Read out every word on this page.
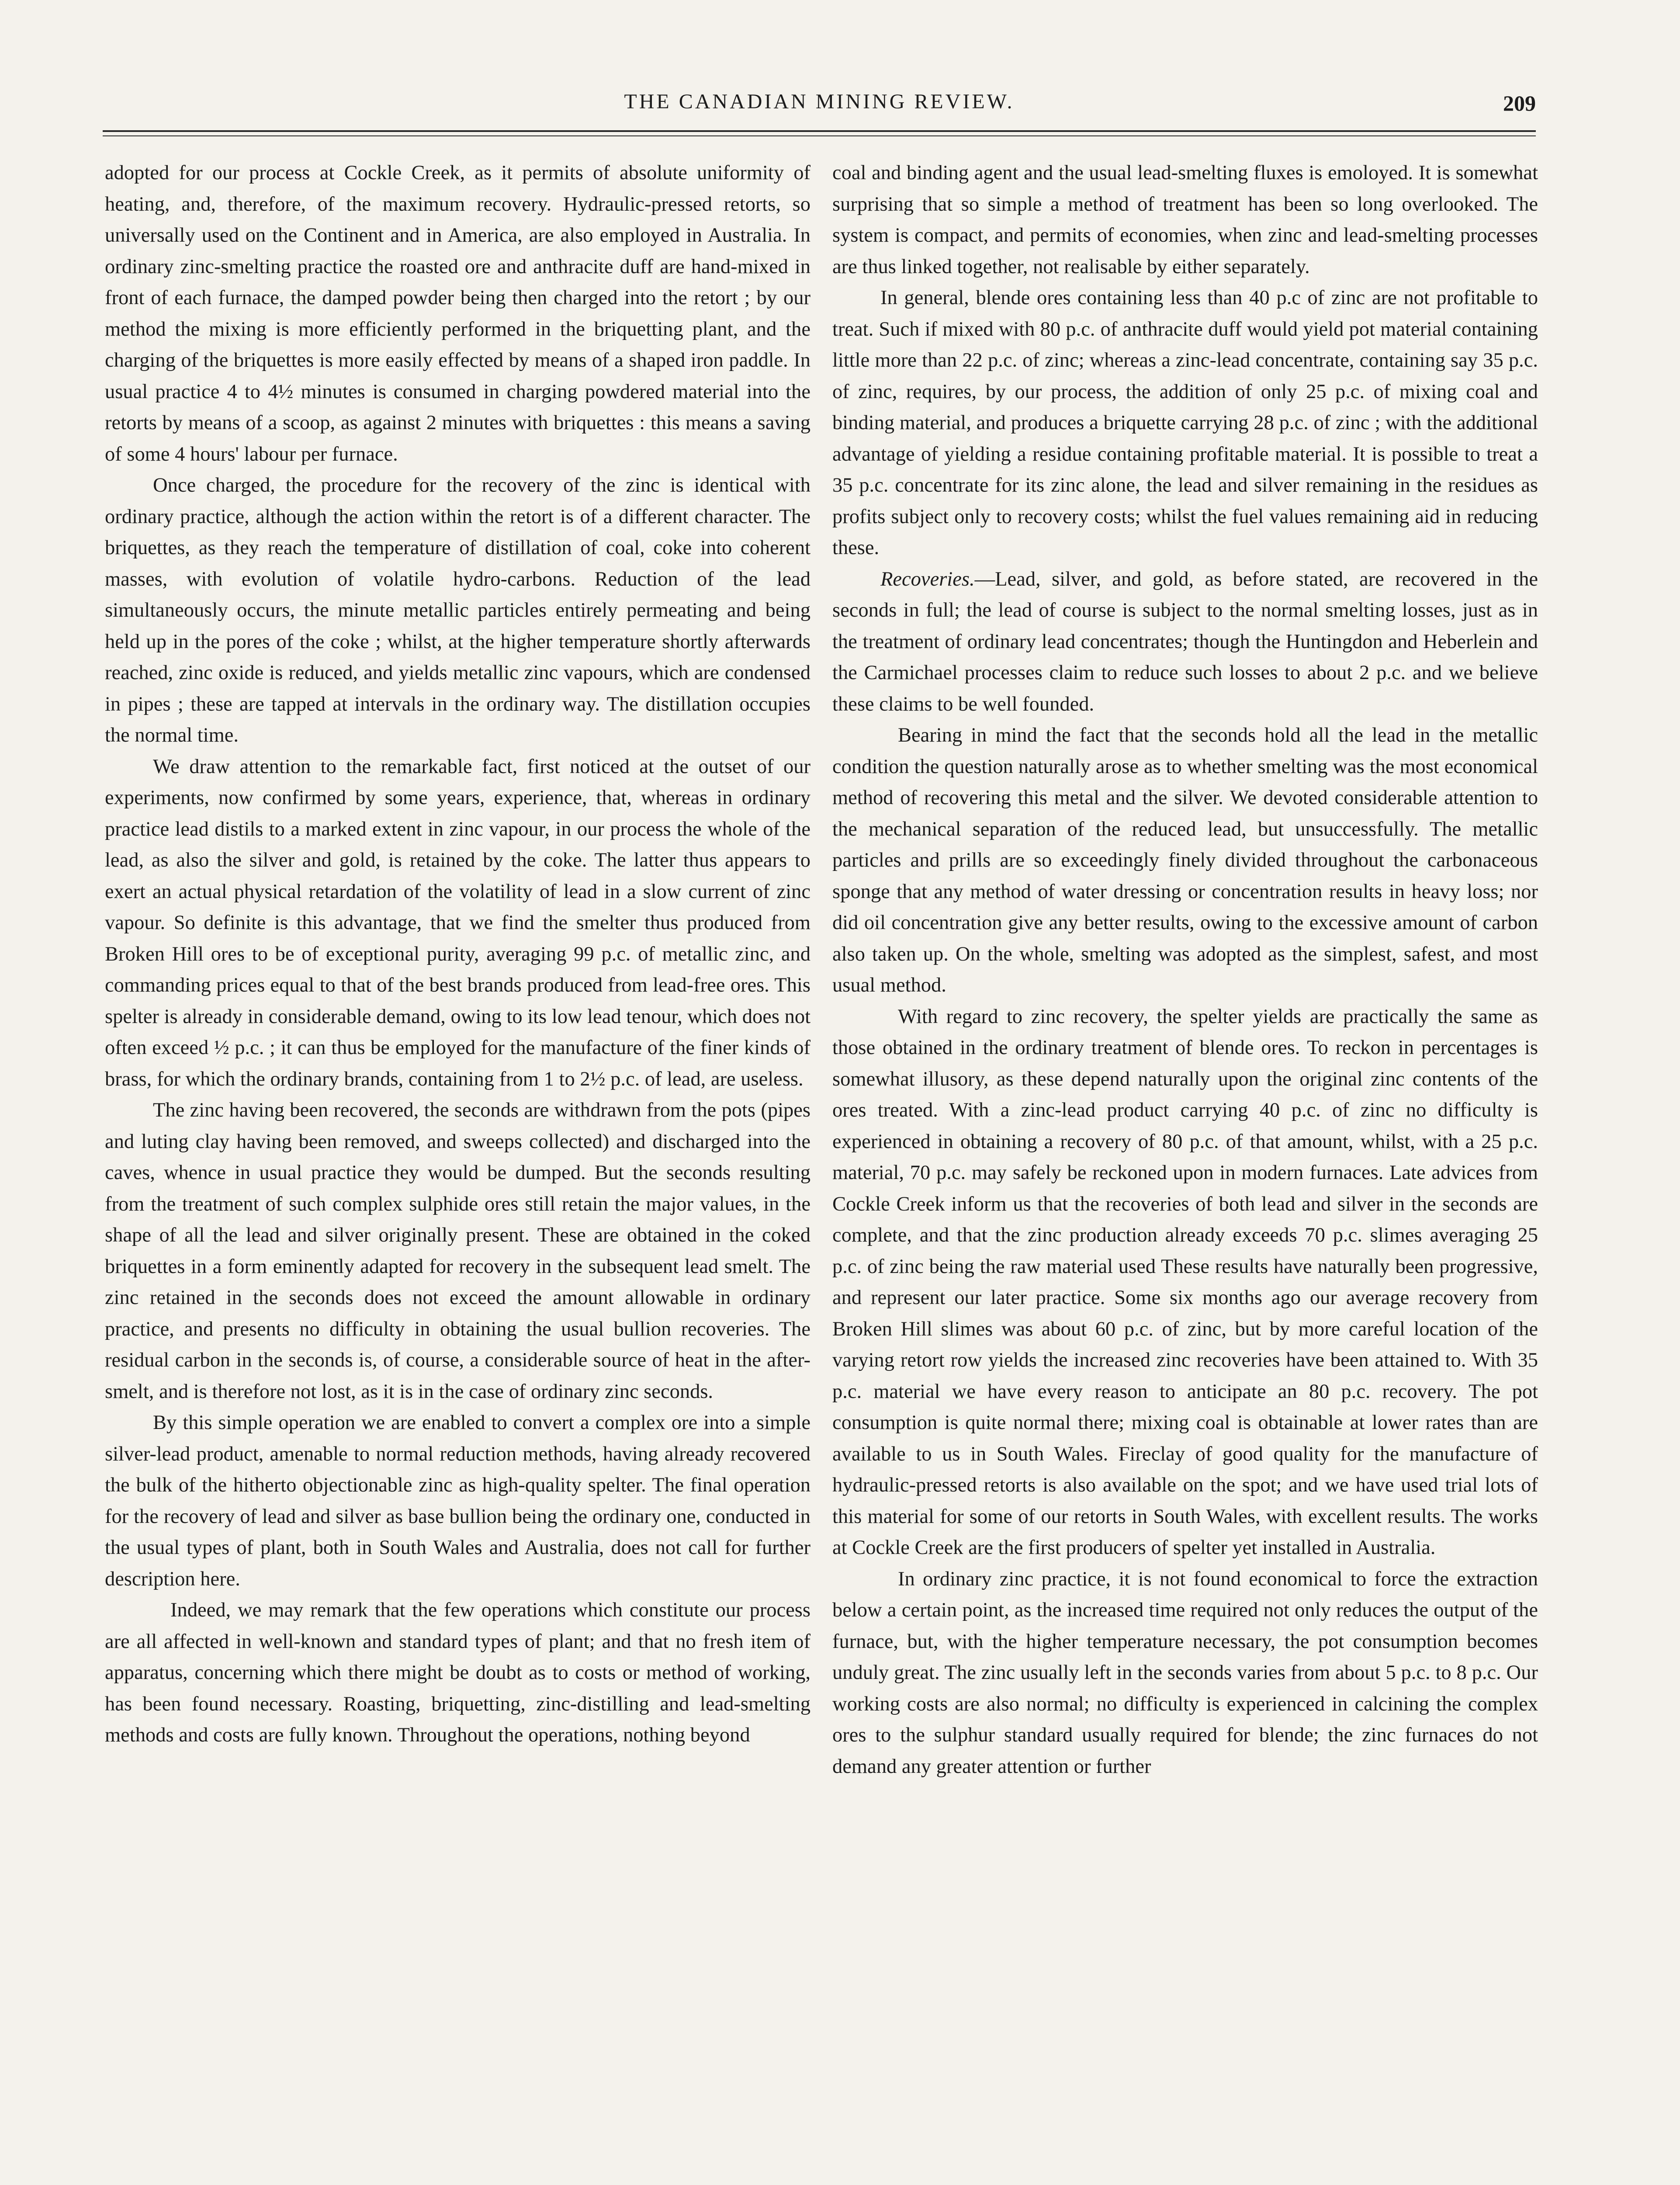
THE CANADIAN MINING REVIEW.	209

adopted for our process at Cockle Creek, as it permits of absolute uniformity of heating, and, therefore, of the maximum recovery. Hydraulic-pressed retorts, so universally used on the Continent and in America, are also employed in Australia. In ordinary zinc-smelting practice the roasted ore and anthracite duff are hand-mixed in front of each furnace, the damped powder being then charged into the retort ; by our method the mixing is more efficiently performed in the briquetting plant, and the charging of the briquettes is more easily effected by means of a shaped iron paddle. In usual practice 4 to 4½ minutes is consumed in charging powdered material into the retorts by means of a scoop, as against 2 minutes with briquettes : this means a saving of some 4 hours' labour per furnace.

Once charged, the procedure for the recovery of the zinc is identical with ordinary practice, although the action within the retort is of a different character. The briquettes, as they reach the temperature of distillation of coal, coke into coherent masses, with evolution of volatile hydro-carbons. Reduction of the lead simultaneously occurs, the minute metallic particles entirely permeating and being held up in the pores of the coke ; whilst, at the higher temperature shortly afterwards reached, zinc oxide is reduced, and yields metallic zinc vapours, which are condensed in pipes ; these are tapped at intervals in the ordinary way. The distillation occupies the normal time.

We draw attention to the remarkable fact, first noticed at the outset of our experiments, now confirmed by some years, experience, that, whereas in ordinary practice lead distils to a marked extent in zinc vapour, in our process the whole of the lead, as also the silver and gold, is retained by the coke. The latter thus appears to exert an actual physical retardation of the volatility of lead in a slow current of zinc vapour. So definite is this advantage, that we find the smelter thus produced from Broken Hill ores to be of exceptional purity, averaging 99 p.c. of metallic zinc, and commanding prices equal to that of the best brands produced from lead-free ores. This spelter is already in considerable demand, owing to its low lead tenour, which does not often exceed ½ p.c. ; it can thus be employed for the manufacture of the finer kinds of brass, for which the ordinary brands, containing from 1 to 2½ p.c. of lead, are useless.

The zinc having been recovered, the seconds are withdrawn from the pots (pipes and luting clay having been removed, and sweeps collected) and discharged into the caves, whence in usual practice they would be dumped. But the seconds resulting from the treatment of such complex sulphide ores still retain the major values, in the shape of all the lead and silver originally present. These are obtained in the coked briquettes in a form eminently adapted for recovery in the subsequent lead smelt. The zinc retained in the seconds does not exceed the amount allowable in ordinary practice, and presents no difficulty in obtaining the usual bullion recoveries. The residual carbon in the seconds is, of course, a considerable source of heat in the after-smelt, and is therefore not lost, as it is in the case of ordinary zinc seconds.

By this simple operation we are enabled to convert a complex ore into a simple silver-lead product, amenable to normal reduction methods, having already recovered the bulk of the hitherto objectionable zinc as high-quality spelter. The final operation for the recovery of lead and silver as base bullion being the ordinary one, conducted in the usual types of plant, both in South Wales and Australia, does not call for further description here.

Indeed, we may remark that the few operations which constitute our process are all affected in well-known and standard types of plant; and that no fresh item of apparatus, concerning which there might be doubt as to costs or method of working, has been found necessary. Roasting, briquetting, zinc-distilling and lead-smelting methods and costs are fully known. Throughout the operations, nothing beyond

coal and binding agent and the usual lead-smelting fluxes is emoloyed. It is somewhat surprising that so simple a method of treatment has been so long overlooked. The system is compact, and permits of economies, when zinc and lead-smelting processes are thus linked together, not realisable by either separately.

In general, blende ores containing less than 40 p.c of zinc are not profitable to treat. Such if mixed with 80 p.c. of anthracite duff would yield pot material containing little more than 22 p.c. of zinc; whereas a zinc-lead concentrate, containing say 35 p.c. of zinc, requires, by our process, the addition of only 25 p.c. of mixing coal and binding material, and produces a briquette carrying 28 p.c. of zinc ; with the additional advantage of yielding a residue containing profitable material. It is possible to treat a 35 p.c. concentrate for its zinc alone, the lead and silver remaining in the residues as profits subject only to recovery costs; whilst the fuel values remaining aid in reducing these.

Recoveries.—Lead, silver, and gold, as before stated, are recovered in the seconds in full; the lead of course is subject to the normal smelting losses, just as in the treatment of ordinary lead concentrates; though the Huntingdon and Heberlein and the Carmichael processes claim to reduce such losses to about 2 p.c. and we believe these claims to be well founded.

Bearing in mind the fact that the seconds hold all the lead in the metallic condition the question naturally arose as to whether smelting was the most economical method of recovering this metal and the silver. We devoted considerable attention to the mechanical separation of the reduced lead, but unsuccessfully. The metallic particles and prills are so exceedingly finely divided throughout the carbonaceous sponge that any method of water dressing or concentration results in heavy loss; nor did oil concentration give any better results, owing to the excessive amount of carbon also taken up. On the whole, smelting was adopted as the simplest, safest, and most usual method.

With regard to zinc recovery, the spelter yields are practically the same as those obtained in the ordinary treatment of blende ores. To reckon in percentages is somewhat illusory, as these depend naturally upon the original zinc contents of the ores treated. With a zinc-lead product carrying 40 p.c. of zinc no difficulty is experienced in obtaining a recovery of 80 p.c. of that amount, whilst, with a 25 p.c. material, 70 p.c. may safely be reckoned upon in modern furnaces. Late advices from Cockle Creek inform us that the recoveries of both lead and silver in the seconds are complete, and that the zinc production already exceeds 70 p.c. slimes averaging 25 p.c. of zinc being the raw material used These results have naturally been progressive, and represent our later practice. Some six months ago our average recovery from Broken Hill slimes was about 60 p.c. of zinc, but by more careful location of the varying retort row yields the increased zinc recoveries have been attained to. With 35 p.c. material we have every reason to anticipate an 80 p.c. recovery. The pot consumption is quite normal there; mixing coal is obtainable at lower rates than are available to us in South Wales. Fireclay of good quality for the manufacture of hydraulic-pressed retorts is also available on the spot; and we have used trial lots of this material for some of our retorts in South Wales, with excellent results. The works at Cockle Creek are the first producers of spelter yet installed in Australia.

In ordinary zinc practice, it is not found economical to force the extraction below a certain point, as the increased time required not only reduces the output of the furnace, but, with the higher temperature necessary, the pot consumption becomes unduly great. The zinc usually left in the seconds varies from about 5 p.c. to 8 p.c. Our working costs are also normal; no difficulty is experienced in calcining the complex ores to the sulphur standard usually required for blende; the zinc furnaces do not demand any greater attention or further
